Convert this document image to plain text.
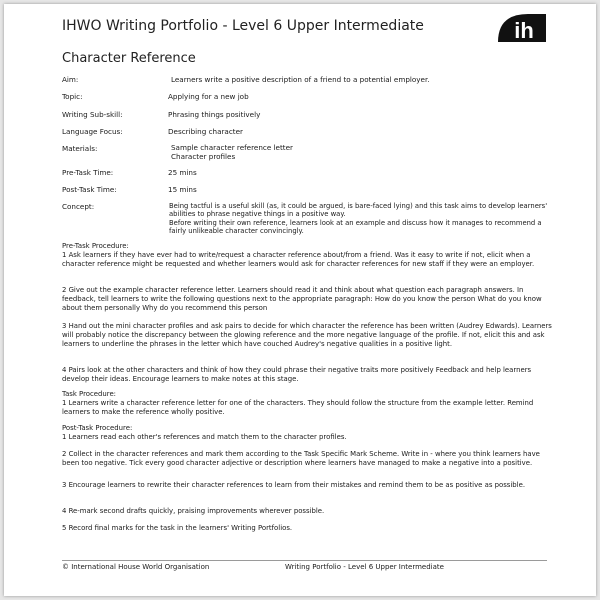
IHWO Writing Portfolio - Level 6 Upper Intermediate	ih
Character Reference
Aim:	Learners write a positive description of a friend to a potential employer.
Topic:	Applying for a new job
Writing Sub-skill:	Phrasing things positively
Language Focus:	Describing character
Materials:	Sample character reference letter
Character profiles
Pre-Task Time:	25 mins
Post-Task Time:	15 mins
Concept:	Being tactful is a useful skill (as, it could be argued, is bare-faced lying) and this task aims to develop learners' abilities to phrase negative things in a positive way.
Before writing their own reference, learners look at an example and discuss how it manages to recommend a fairly unlikeable character convincingly.
Pre-Task Procedure:
1 Ask learners if they have ever had to write/request a character reference about/from a friend. Was it easy to write if not, elicit when a character reference might be requested and whether learners would ask for character references for new staff if they were an employer.
2 Give out the example character reference letter. Learners should read it and think about what question each paragraph answers. In feedback, tell learners to write the following questions next to the appropriate paragraph: How do you know the person What do you know about them personally Why do you recommend this person
3 Hand out the mini character profiles and ask pairs to decide for which character the reference has been written (Audrey Edwards). Learners will probably notice the discrepancy between the glowing reference and the more negative language of the profile. If not, elicit this and ask learners to underline the phrases in the letter which have couched Audrey's negative qualities in a positive light.
4 Pairs look at the other characters and think of how they could phrase their negative traits more positively Feedback and help learners develop their ideas. Encourage learners to make notes at this stage.
Task Procedure:
1 Learners write a character reference letter for one of the characters. They should follow the structure from the example letter. Remind learners to make the reference wholly positive.
Post-Task Procedure:
1 Learners read each other's references and match them to the character profiles.
2 Collect in the character references and mark them according to the Task Specific Mark Scheme. Write in - where you think learners have been too negative. Tick every good character adjective or description where learners have managed to make a negative into a positive.
3 Encourage learners to rewrite their character references to learn from their mistakes and remind them to be as positive as possible.
4 Re-mark second drafts quickly, praising improvements wherever possible.
5 Record final marks for the task in the learners' Writing Portfolios.
© International House World Organisation	Writing Portfolio - Level 6 Upper Intermediate
